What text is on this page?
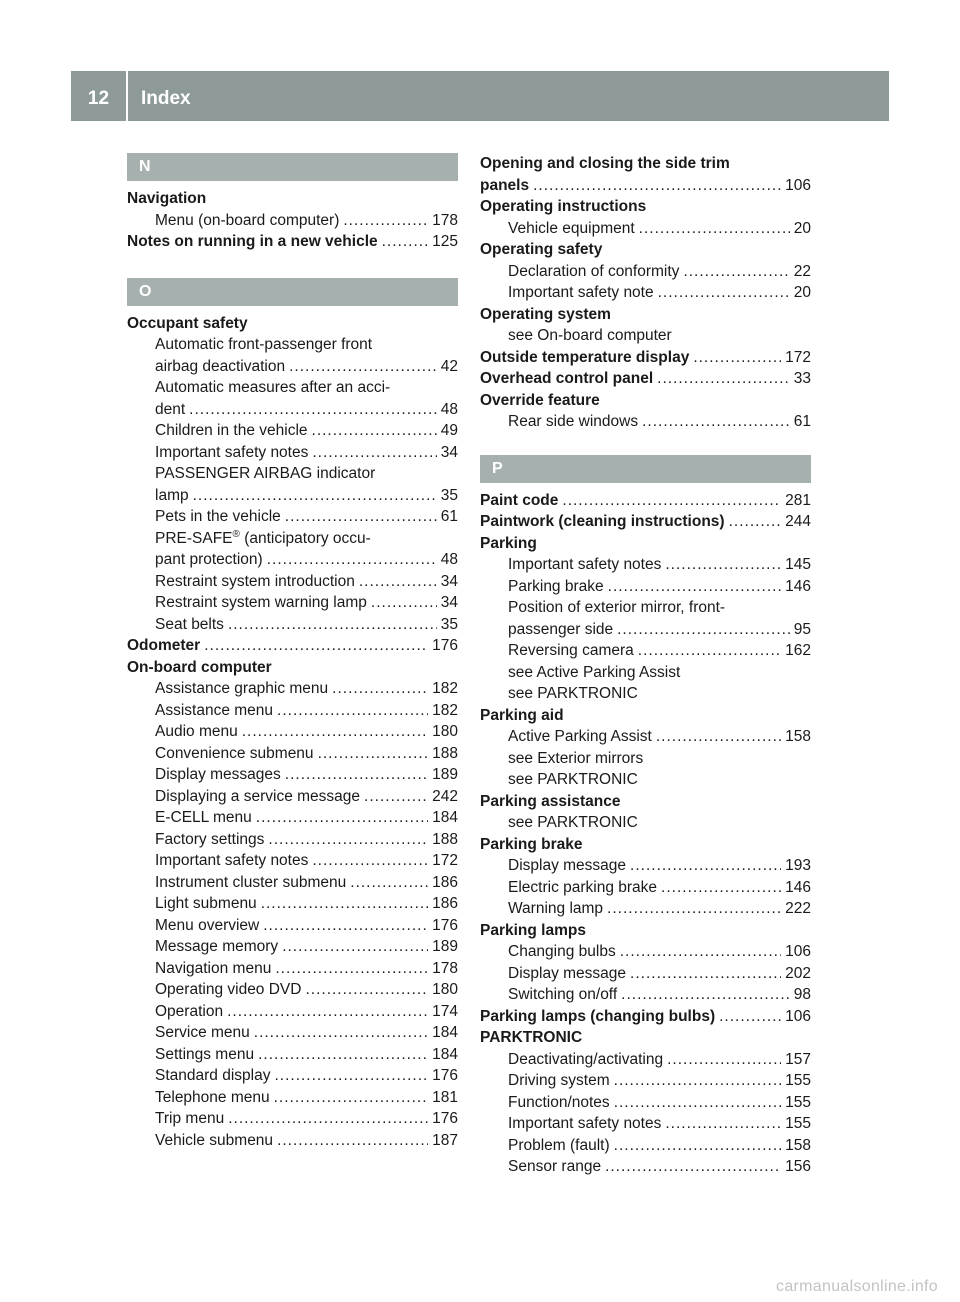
12	Index
N
Navigation
Menu (on-board computer) .....	178
Notes on running in a new vehicle .....	125
O
Occupant safety
Automatic front-passenger front
airbag deactivation .....	42
Automatic measures after an acci-
dent .....	48
Children in the vehicle .....	49
Important safety notes .....	34
PASSENGER AIRBAG indicator
lamp .....	35
Pets in the vehicle .....	61
PRE-SAFE® (anticipatory occu-
pant protection) .....	48
Restraint system introduction .....	34
Restraint system warning lamp .....	34
Seat belts .....	35
Odometer .....	176
On-board computer
Assistance graphic menu .....	182
Assistance menu .....	182
Audio menu .....	180
Convenience submenu .....	188
Display messages .....	189
Displaying a service message .....	242
E-CELL menu .....	184
Factory settings .....	188
Important safety notes .....	172
Instrument cluster submenu .....	186
Light submenu .....	186
Menu overview .....	176
Message memory .....	189
Navigation menu .....	178
Operating video DVD .....	180
Operation .....	174
Service menu .....	184
Settings menu .....	184
Standard display .....	176
Telephone menu .....	181
Trip menu .....	176
Vehicle submenu .....	187
Opening and closing the side trim
panels .....	106
Operating instructions
Vehicle equipment .....	20
Operating safety
Declaration of conformity .....	22
Important safety note .....	20
Operating system
see On-board computer
Outside temperature display .....	172
Overhead control panel .....	33
Override feature
Rear side windows .....	61
P
Paint code .....	281
Paintwork (cleaning instructions) .....	244
Parking
Important safety notes .....	145
Parking brake .....	146
Position of exterior mirror, front-
passenger side .....	95
Reversing camera .....	162
see Active Parking Assist
see PARKTRONIC
Parking aid
Active Parking Assist .....	158
see Exterior mirrors
see PARKTRONIC
Parking assistance
see PARKTRONIC
Parking brake
Display message .....	193
Electric parking brake .....	146
Warning lamp .....	222
Parking lamps
Changing bulbs .....	106
Display message .....	202
Switching on/off .....	98
Parking lamps (changing bulbs) .....	106
PARKTRONIC
Deactivating/activating .....	157
Driving system .....	155
Function/notes .....	155
Important safety notes .....	155
Problem (fault) .....	158
Sensor range .....	156
carmanualsonline.info
